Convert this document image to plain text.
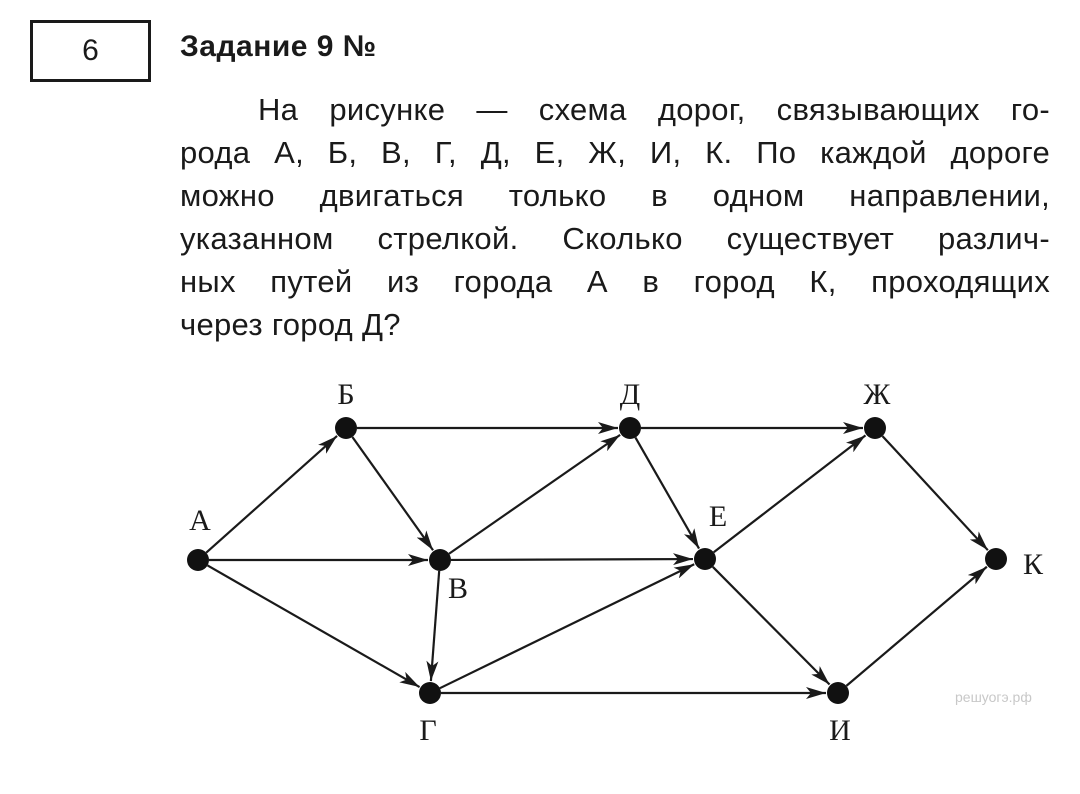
6	Задание 9 №
На рисунке — схема дорог, связывающих го-
рода А, Б, В, Г, Д, Е, Ж, И, К. По каждой дороге
можно двигаться только в одном направлении,
указанном стрелкой. Сколько существует различ-
ных путей из города А в город К, проходящих
через город Д?
А
Б
В
Г
Д
Е
Ж
И
К
решуогэ.рф
